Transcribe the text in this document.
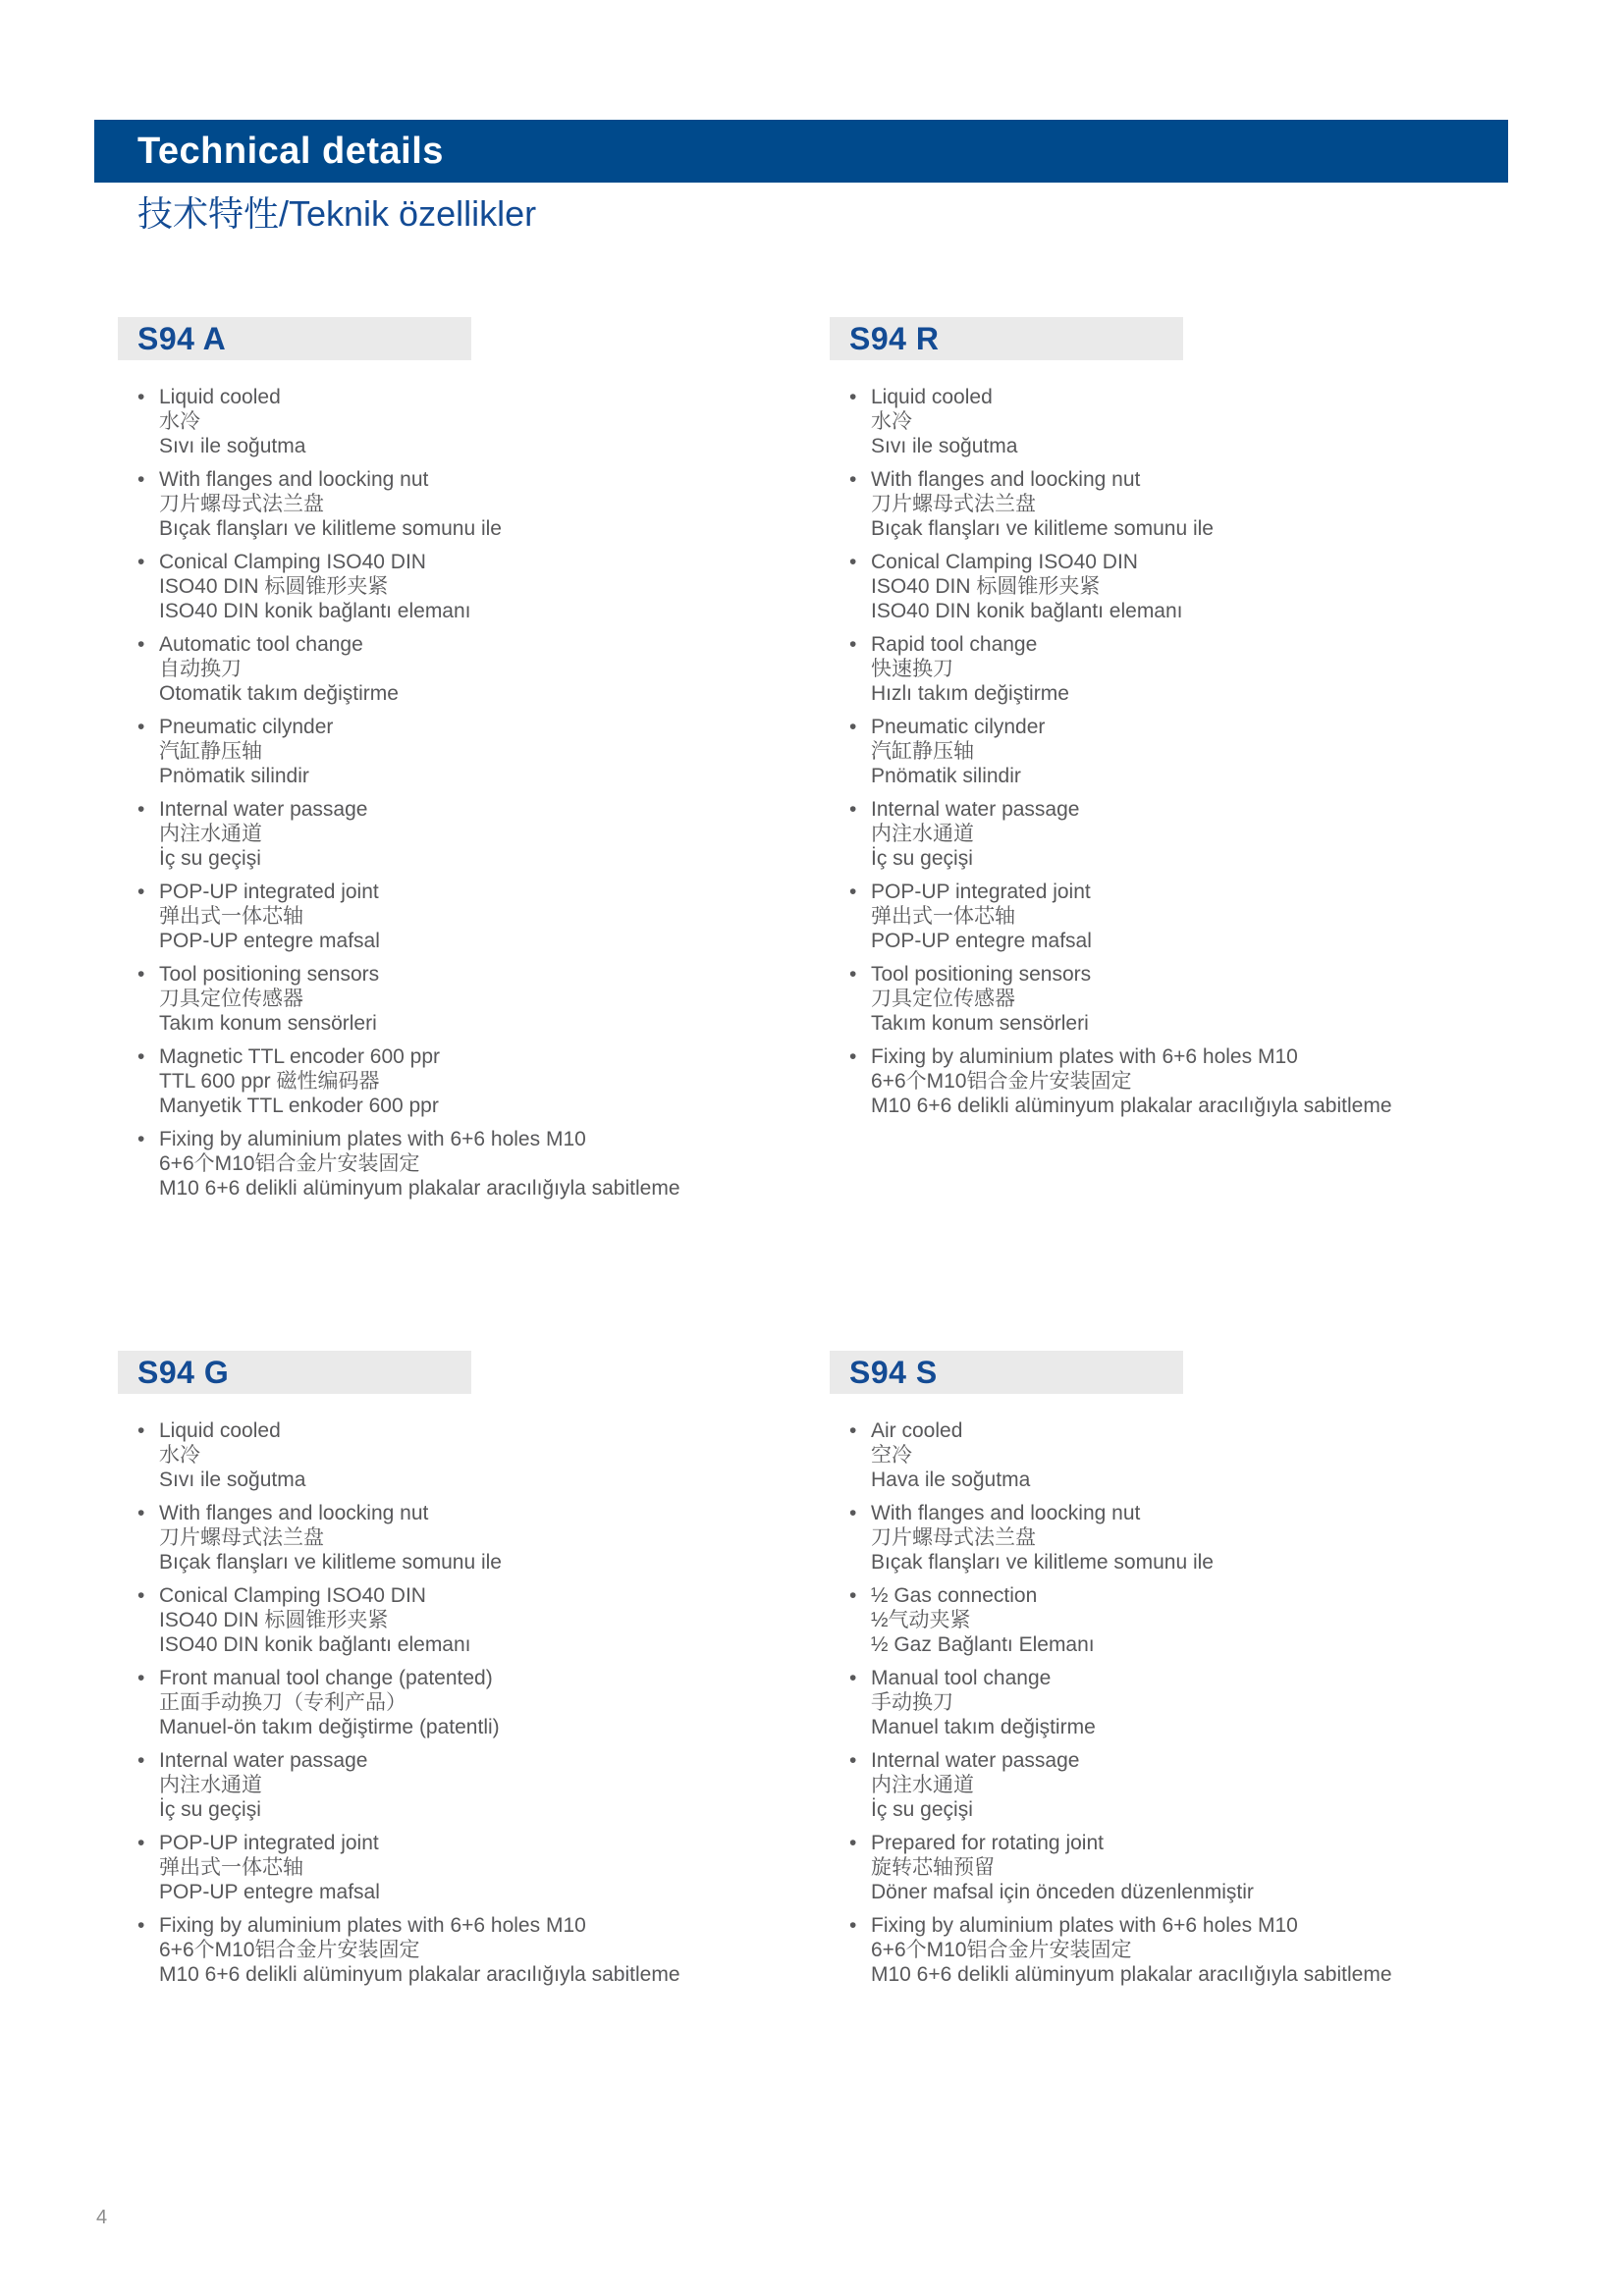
Technical details
技术特性/Teknik özellikler
S94 A
• Liquid cooled
水冷
Sıvı ile soğutma
• With flanges and loocking nut
刀片螺母式法兰盘
Bıçak flanşları ve kilitleme somunu ile
• Conical Clamping ISO40 DIN
ISO40 DIN 标圆锥形夹紧
ISO40 DIN konik bağlantı elemanı
• Automatic tool change
自动换刀
Otomatik takım değiştirme
• Pneumatic cilynder
汽缸静压轴
Pnömatik silindir
• Internal water passage
内注水通道
İç su geçişi
• POP-UP integrated joint
弹出式一体芯轴
POP-UP entegre mafsal
• Tool positioning sensors
刀具定位传感器
Takım konum sensörleri
• Magnetic TTL encoder 600 ppr
TTL 600 ppr 磁性编码器
Manyetik TTL enkoder 600 ppr
• Fixing by aluminium plates with 6+6 holes M10
6+6个M10铝合金片安装固定
M10 6+6 delikli alüminyum plakalar aracılığıyla sabitleme
S94 R
• Liquid cooled
水冷
Sıvı ile soğutma
• With flanges and loocking nut
刀片螺母式法兰盘
Bıçak flanşları ve kilitleme somunu ile
• Conical Clamping ISO40 DIN
ISO40 DIN 标圆锥形夹紧
ISO40 DIN konik bağlantı elemanı
• Rapid tool change
快速换刀
Hızlı takım değiştirme
• Pneumatic cilynder
汽缸静压轴
Pnömatik silindir
• Internal water passage
内注水通道
İç su geçişi
• POP-UP integrated joint
弹出式一体芯轴
POP-UP entegre mafsal
• Tool positioning sensors
刀具定位传感器
Takım konum sensörleri
• Fixing by aluminium plates with 6+6 holes M10
6+6个M10铝合金片安装固定
M10 6+6 delikli alüminyum plakalar aracılığıyla sabitleme
S94 G
• Liquid cooled
水冷
Sıvı ile soğutma
• With flanges and loocking nut
刀片螺母式法兰盘
Bıçak flanşları ve kilitleme somunu ile
• Conical Clamping ISO40 DIN
ISO40 DIN 标圆锥形夹紧
ISO40 DIN konik bağlantı elemanı
• Front manual tool change (patented)
正面手动换刀（专利产品）
Manuel-ön takım değiştirme (patentli)
• Internal water passage
内注水通道
İç su geçişi
• POP-UP integrated joint
弹出式一体芯轴
POP-UP entegre mafsal
• Fixing by aluminium plates with 6+6 holes M10
6+6个M10铝合金片安装固定
M10 6+6 delikli alüminyum plakalar aracılığıyla sabitleme
S94 S
• Air cooled
空冷
Hava ile soğutma
• With flanges and loocking nut
刀片螺母式法兰盘
Bıçak flanşları ve kilitleme somunu ile
• ½ Gas connection
½气动夹紧
½ Gaz Bağlantı Elemanı
• Manual tool change
手动换刀
Manuel takım değiştirme
• Internal water passage
内注水通道
İç su geçişi
• Prepared for rotating joint
旋转芯轴预留
Döner mafsal için önceden düzenlenmiştir
• Fixing by aluminium plates with 6+6 holes M10
6+6个M10铝合金片安装固定
M10 6+6 delikli alüminyum plakalar aracılığıyla sabitleme
4
